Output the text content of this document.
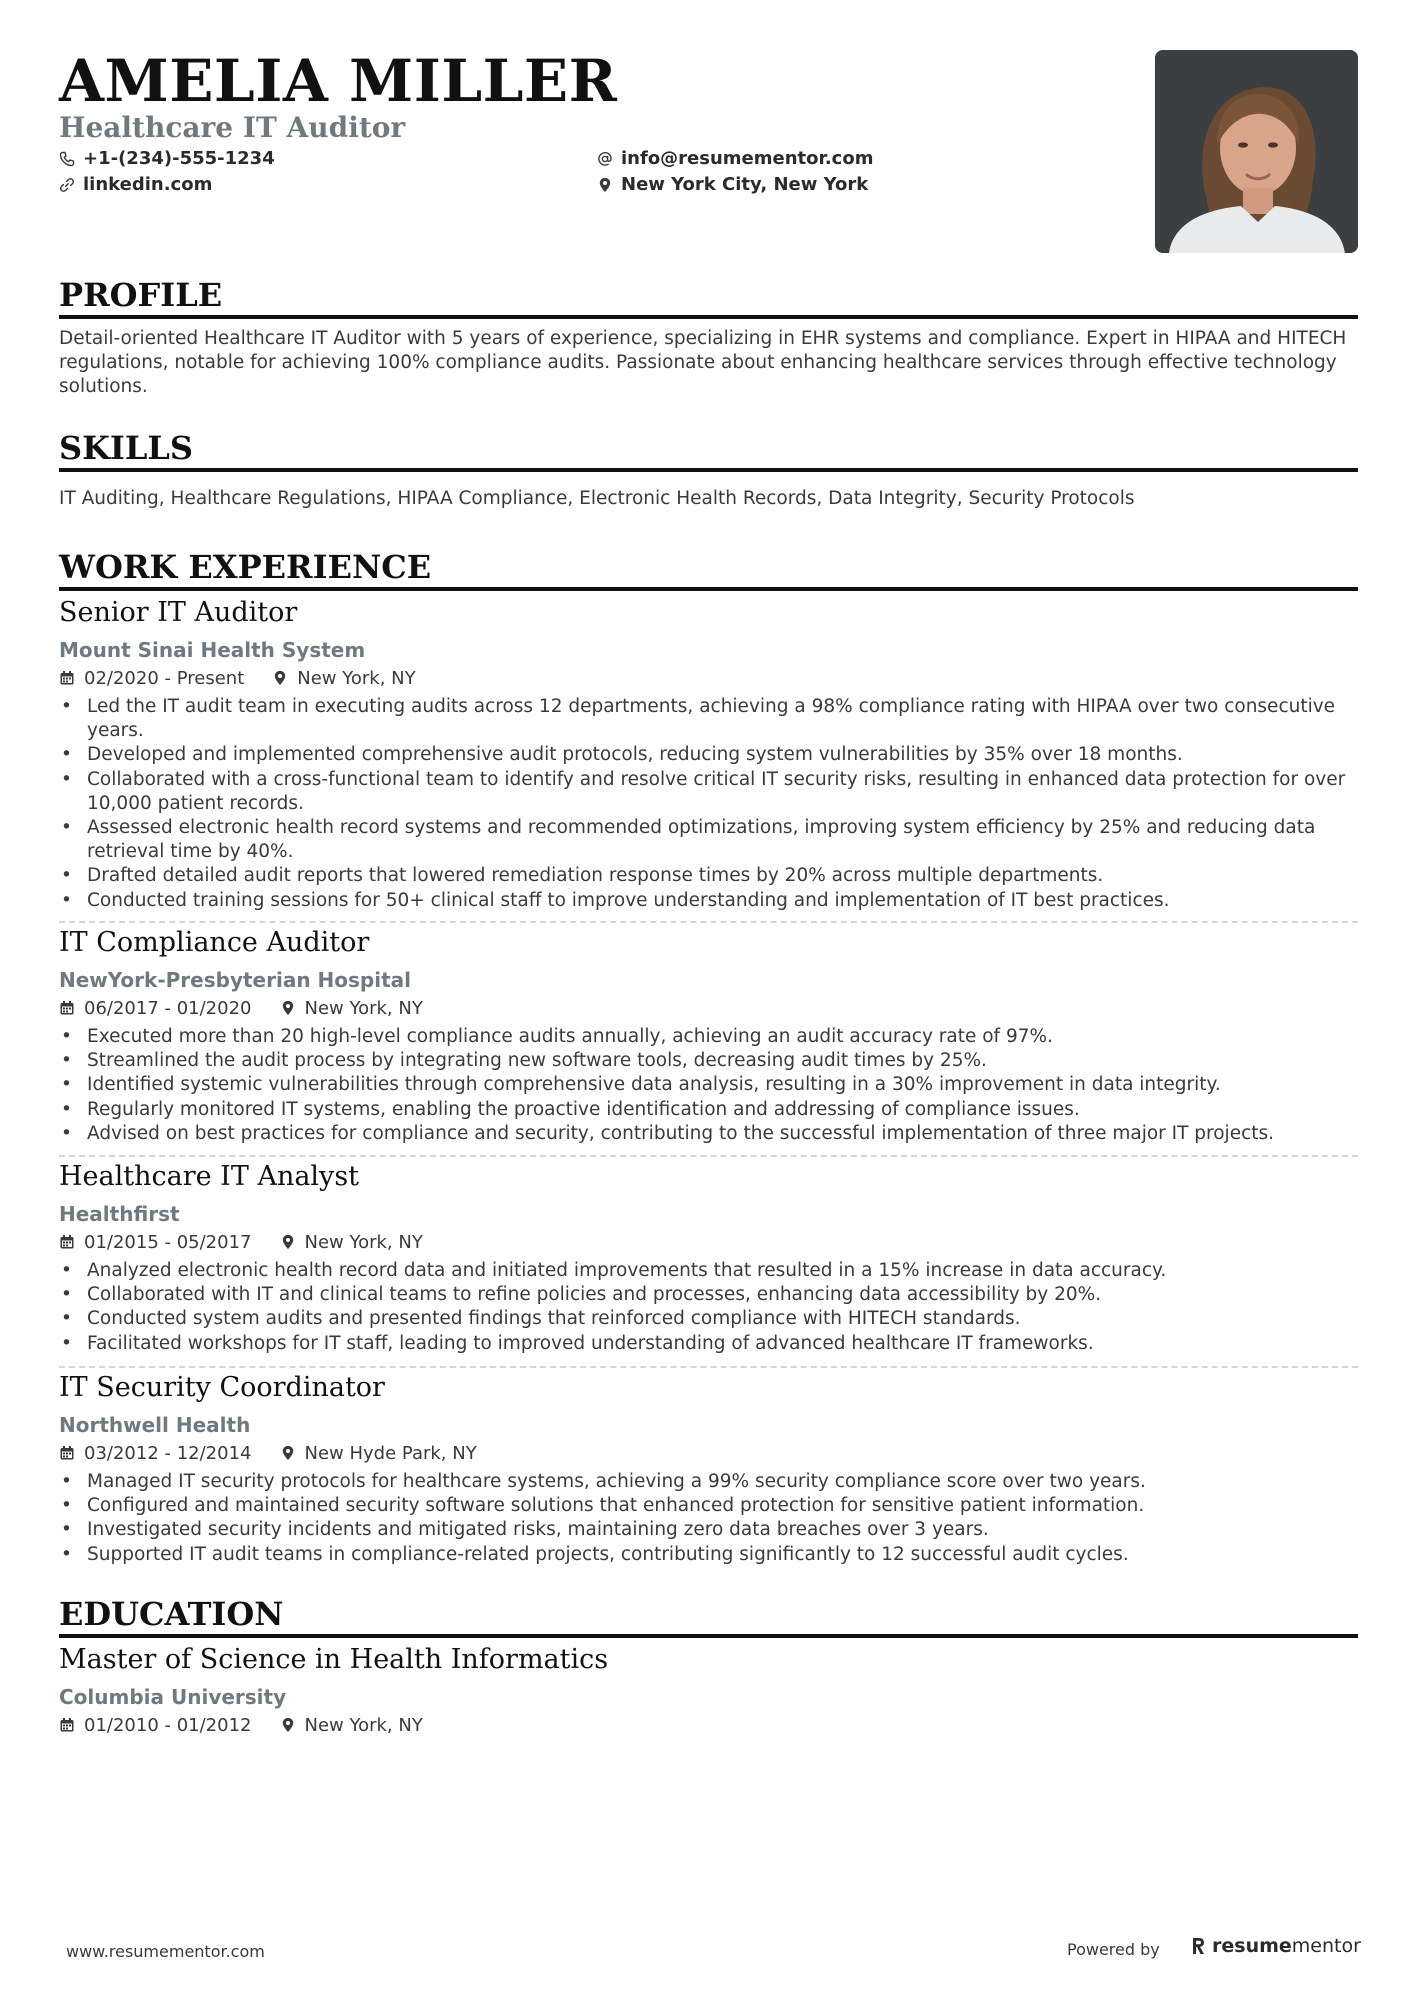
AMELIA MILLER
Healthcare IT Auditor
+1-(234)-555-1234
linkedin.com
info@resumementor.com
New York City, New York
PROFILE

Detail-oriented Healthcare IT Auditor with 5 years of experience, specializing in EHR systems and compliance. Expert in HIPAA and HITECH regulations, notable for achieving 100% compliance audits. Passionate about enhancing healthcare services through effective technology solutions.

SKILLS

IT Auditing, Healthcare Regulations, HIPAA Compliance, Electronic Health Records, Data Integrity, Security Protocols

WORK EXPERIENCE
Senior IT Auditor
Mount Sinai Health System
02/2020 - Present	New York, NY
• Led the IT audit team in executing audits across 12 departments, achieving a 98% compliance rating with HIPAA over two consecutive years.
• Developed and implemented comprehensive audit protocols, reducing system vulnerabilities by 35% over 18 months.
• Collaborated with a cross-functional team to identify and resolve critical IT security risks, resulting in enhanced data protection for over 10,000 patient records.
• Assessed electronic health record systems and recommended optimizations, improving system efficiency by 25% and reducing data retrieval time by 40%.
• Drafted detailed audit reports that lowered remediation response times by 20% across multiple departments.
• Conducted training sessions for 50+ clinical staff to improve understanding and implementation of IT best practices.
IT Compliance Auditor
NewYork-Presbyterian Hospital
06/2017 - 01/2020	New York, NY
• Executed more than 20 high-level compliance audits annually, achieving an audit accuracy rate of 97%.
• Streamlined the audit process by integrating new software tools, decreasing audit times by 25%.
• Identified systemic vulnerabilities through comprehensive data analysis, resulting in a 30% improvement in data integrity.
• Regularly monitored IT systems, enabling the proactive identification and addressing of compliance issues.
• Advised on best practices for compliance and security, contributing to the successful implementation of three major IT projects.
Healthcare IT Analyst
Healthfirst
01/2015 - 05/2017	New York, NY
• Analyzed electronic health record data and initiated improvements that resulted in a 15% increase in data accuracy.
• Collaborated with IT and clinical teams to refine policies and processes, enhancing data accessibility by 20%.
• Conducted system audits and presented findings that reinforced compliance with HITECH standards.
• Facilitated workshops for IT staff, leading to improved understanding of advanced healthcare IT frameworks.
IT Security Coordinator
Northwell Health
03/2012 - 12/2014	New Hyde Park, NY
• Managed IT security protocols for healthcare systems, achieving a 99% security compliance score over two years.
• Configured and maintained security software solutions that enhanced protection for sensitive patient information.
• Investigated security incidents and mitigated risks, maintaining zero data breaches over 3 years.
• Supported IT audit teams in compliance-related projects, contributing significantly to 12 successful audit cycles.
EDUCATION
Master of Science in Health Informatics
Columbia University
01/2010 - 01/2012	New York, NY
www.resumementor.com	Powered by	resume mentor
